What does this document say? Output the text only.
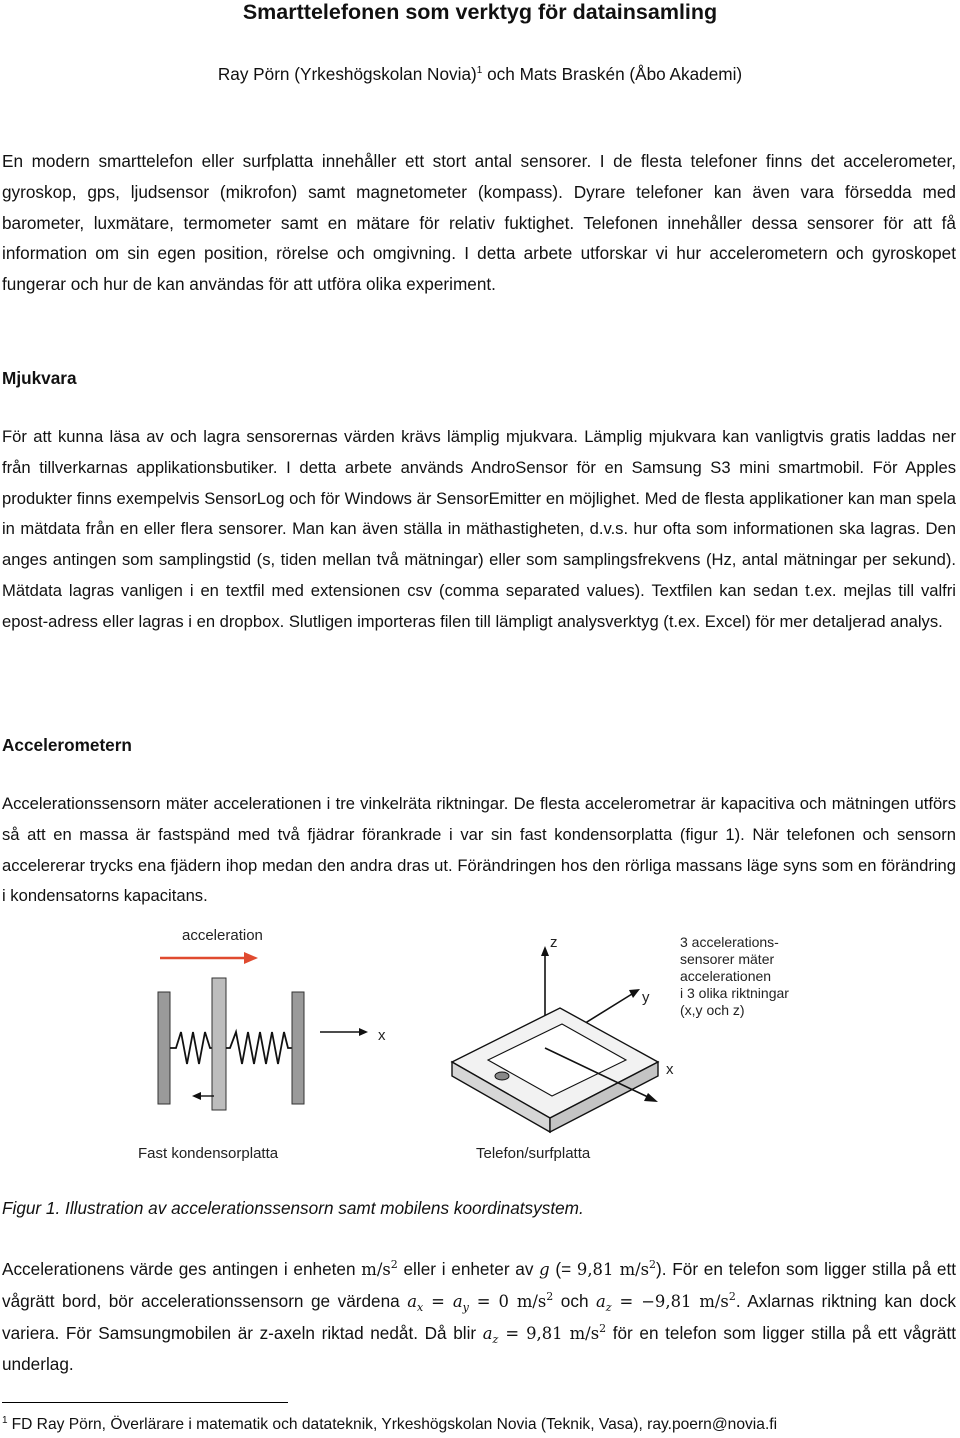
Smarttelefonen som verktyg för datainsamling
Ray Pörn (Yrkeshögskolan Novia)$^1$ och Mats Braskén (Åbo Akademi)

En modern smarttelefon eller surfplatta innehåller ett stort antal sensorer. I de flesta telefoner finns det accelerometer, gyroskop, gps, ljudsensor (mikrofon) samt magnetometer (kompass). Dyrare telefoner kan även vara försedda med barometer, luxmätare, termometer samt en mätare för relativ fuktighet. Telefonen innehåller dessa sensorer för att få information om sin egen position, rörelse och omgivning. I detta arbete utforskar vi hur accelerometern och gyroskopet fungerar och hur de kan användas för att utföra olika experiment.

Mjukvara

För att kunna läsa av och lagra sensorernas värden krävs lämplig mjukvara. Lämplig mjukvara kan vanligtvis gratis laddas ner från tillverkarnas applikationsbutiker. I detta arbete används AndroSensor för en Samsung S3 mini smartmobil. För Apples produkter finns exempelvis SensorLog och för Windows är SensorEmitter en möjlighet. Med de flesta applikationer kan man spela in mätdata från en eller flera sensorer. Man kan även ställa in mäthastigheten, d.v.s. hur ofta som informationen ska lagras. Den anges antingen som samplingstid (s, tiden mellan två mätningar) eller som samplingsfrekvens (Hz, antal mätningar per sekund). Mätdata lagras vanligen i en textfil med extensionen csv (comma separated values). Textfilen kan sedan t.ex. mejlas till valfri epost-adress eller lagras i en dropbox. Slutligen importeras filen till lämpligt analysverktyg (t.ex. Excel) för mer detaljerad analys.

Accelerometern

Accelerationssensorn mäter accelerationen i tre vinkelräta riktningar. De flesta accelerometrar är kapacitiva och mätningen utförs så att en massa är fastspänd med två fjädrar förankrade i var sin fast kondensorplatta (figur 1). När telefonen och sensorn accelererar trycks ena fjädern ihop medan den andra dras ut. Förändringen hos den rörliga massans läge syns som en förändring i kondensatorns kapacitans.

acceleration
x
Fast kondensorplatta
z
y
x
3 accelerations-
sensorer mäter
accelerationen
i 3 olika riktningar
(x,y och z)
Telefon/surfplatta

Figur 1. Illustration av accelerationssensorn samt mobilens koordinatsystem.

Accelerationens värde ges antingen i enheten $m/s^2$ eller i enheter av g (= 9,81 $m/s^2$). För en telefon som ligger stilla på ett vågrätt bord, bör accelerationssensorn ge värdena $a_x = a_y = 0$ $m/s^2$ och $a_z = -9,81$ $m/s^2$. Axlarnas riktning kan dock variera. För Samsungmobilen är z-axeln riktad nedåt. Då blir $a_z = 9,81$ $m/s^2$ för en telefon som ligger stilla på ett vågrätt underlag.

$^1$ FD Ray Pörn, Överlärare i matematik och datateknik, Yrkeshögskolan Novia (Teknik, Vasa), ray.poern@novia.fi
